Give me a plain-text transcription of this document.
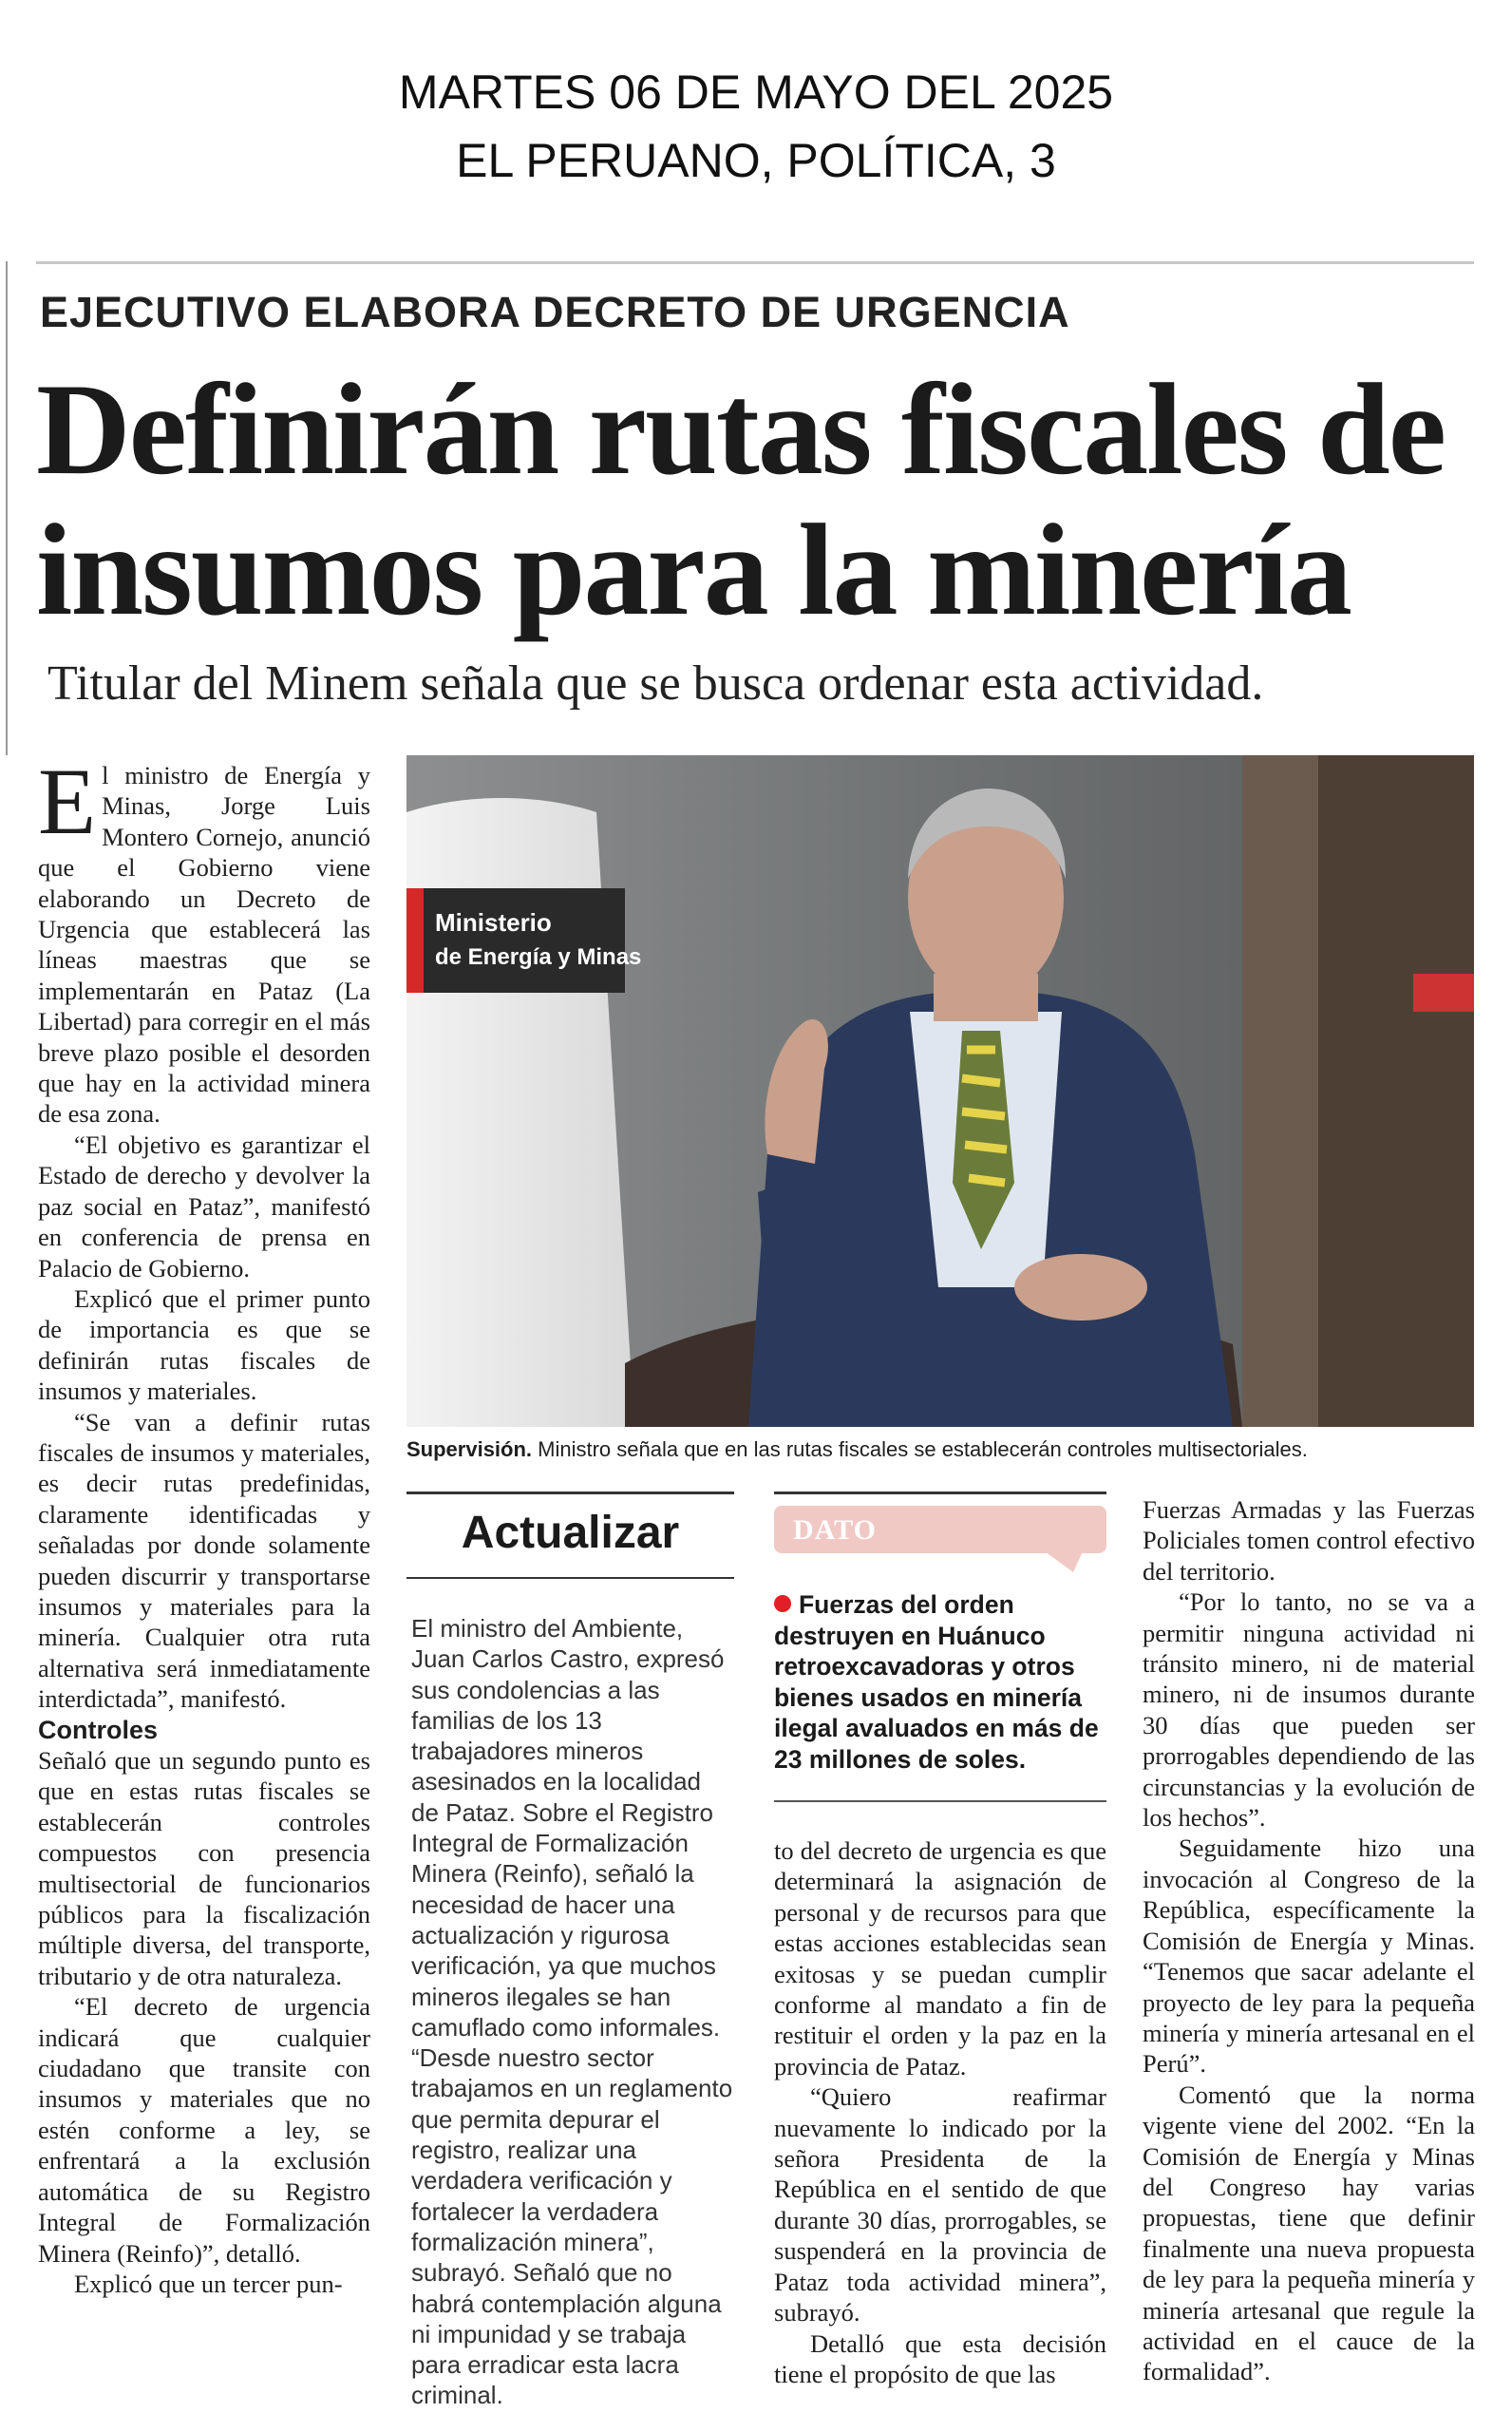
MARTES 06 DE MAYO DEL 2025
EL PERUANO, POLÍTICA, 3
EJECUTIVO ELABORA DECRETO DE URGENCIA
Definirán rutas fiscales de
insumos para la minería
Titular del Minem señala que se busca ordenar esta actividad.

El ministro de Energía y Minas, Jorge Luis Montero Cornejo, anunció que el Gobierno viene elaborando un Decreto de Urgencia que establecerá las líneas maestras que se implementarán en Pataz (La Libertad) para corregir en el más breve plazo posible el desorden que hay en la actividad minera de esa zona.

“El objetivo es garantizar el Estado de derecho y devolver la paz social en Pataz”, manifestó en conferencia de prensa en Palacio de Gobierno.

Explicó que el primer punto de importancia es que se definirán rutas fiscales de insumos y materiales.

“Se van a definir rutas fiscales de insumos y materiales, es decir rutas predefinidas, claramente identificadas y señaladas por donde solamente pueden discurrir y transportarse insumos y materiales para la minería. Cualquier otra ruta alternativa será inmediatamente interdictada”, manifestó.

Controles

Señaló que un segundo punto es que en estas rutas fiscales se establecerán controles compuestos con presencia multisectorial de funcionarios públicos para la fiscalización múltiple diversa, del transporte, tributario y de otra naturaleza.

“El decreto de urgencia indicará que cualquier ciudadano que transite con insumos y materiales que no estén conforme a ley, se enfrentará a la exclusión automática de su Registro Integral de Formalización Minera (Reinfo)”, detalló.

Explicó que un tercer pun-

Ministerio
de Energía y Minas
Supervisión. Ministro señala que en las rutas fiscales se establecerán controles multisectoriales.
Actualizar
El ministro del Ambiente, Juan Carlos Castro, expresó sus condolencias a las familias de los 13 trabajadores mineros asesinados en la localidad de Pataz. Sobre el Registro Integral de Formalización Minera (Reinfo), señaló la necesidad de hacer una actualización y rigurosa verificación, ya que muchos mineros ilegales se han camuflado como informales. “Desde nuestro sector trabajamos en un reglamento que permita depurar el registro, realizar una verdadera verificación y fortalecer la verdadera formalización minera”, subrayó. Señaló que no habrá contemplación alguna ni impunidad y se trabaja para erradicar esta lacra criminal.
DATO
Fuerzas del orden destruyen en Huánuco retroexcavadoras y otros bienes usados en minería ilegal avaluados en más de 23 millones de soles.

to del decreto de urgencia es que determinará la asignación de personal y de recursos para que estas acciones establecidas sean exitosas y se puedan cumplir conforme al mandato a fin de restituir el orden y la paz en la provincia de Pataz.

“Quiero reafirmar nuevamente lo indicado por la señora Presidenta de la República en el sentido de que durante 30 días, prorrogables, se suspenderá en la provincia de Pataz toda actividad minera”, subrayó.

Detalló que esta decisión tiene el propósito de que las

Fuerzas Armadas y las Fuerzas Policiales tomen control efectivo del territorio.

“Por lo tanto, no se va a permitir ninguna actividad ni tránsito minero, ni de material minero, ni de insumos durante 30 días que pueden ser prorrogables dependiendo de las circunstancias y la evolución de los hechos”.

Seguidamente hizo una invocación al Congreso de la República, específicamente la Comisión de Energía y Minas. “Tenemos que sacar adelante el proyecto de ley para la pequeña minería y minería artesanal en el Perú”.

Comentó que la norma vigente viene del 2002. “En la Comisión de Energía y Minas del Congreso hay varias propuestas, tiene que definir finalmente una nueva propuesta de ley para la pequeña minería y minería artesanal que regule la actividad en el cauce de la formalidad”.
